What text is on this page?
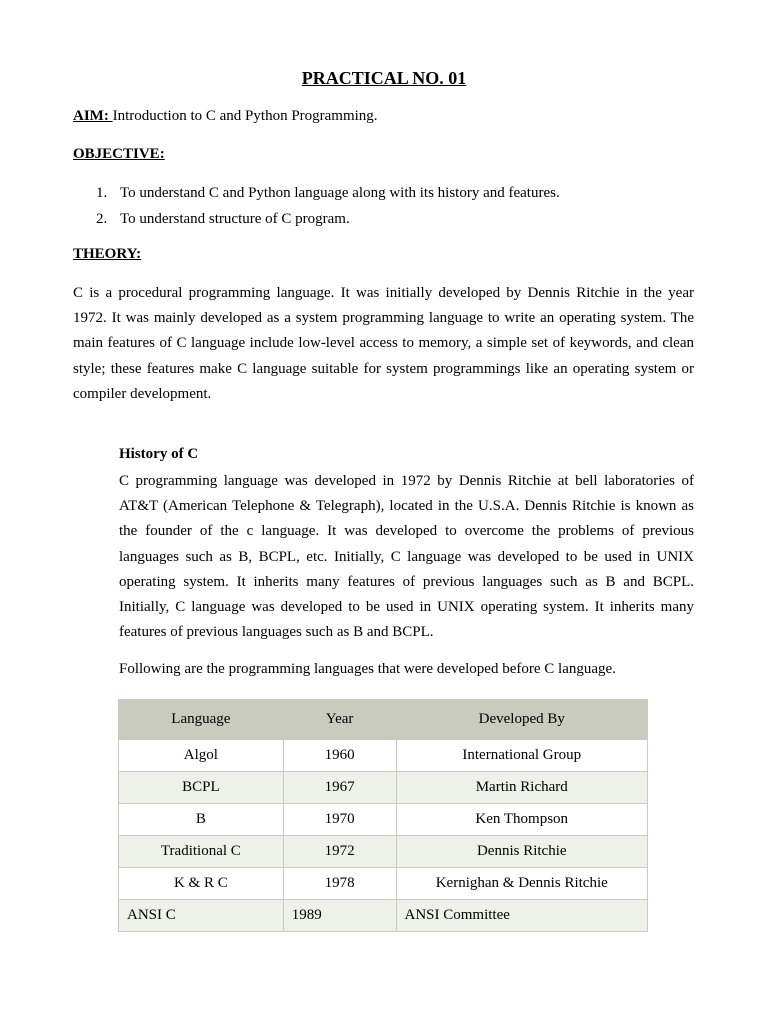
PRACTICAL NO. 01

AIM: Introduction to C and Python Programming.

OBJECTIVE:

1. To understand C and Python language along with its history and features.
2. To understand structure of C program.

THEORY:

C is a procedural programming language. It was initially developed by Dennis Ritchie in the year 1972. It was mainly developed as a system programming language to write an operating system. The main features of C language include low-level access to memory, a simple set of keywords, and clean style; these features make C language suitable for system programmings like an operating system or compiler development.

History of C

C programming language was developed in 1972 by Dennis Ritchie at bell laboratories of AT&T (American Telephone & Telegraph), located in the U.S.A. Dennis Ritchie is known as the founder of the c language. It was developed to overcome the problems of previous languages such as B, BCPL, etc. Initially, C language was developed to be used in UNIX operating system. It inherits many features of previous languages such as B and BCPL. Initially, C language was developed to be used in UNIX operating system. It inherits many features of previous languages such as B and BCPL.

Following are the programming languages that were developed before C language.

Language	Year	Developed By
Algol	1960	International Group
BCPL	1967	Martin Richard
B	1970	Ken Thompson
Traditional C	1972	Dennis Ritchie
K & R C	1978	Kernighan & Dennis Ritchie
ANSI C	1989	ANSI Committee
